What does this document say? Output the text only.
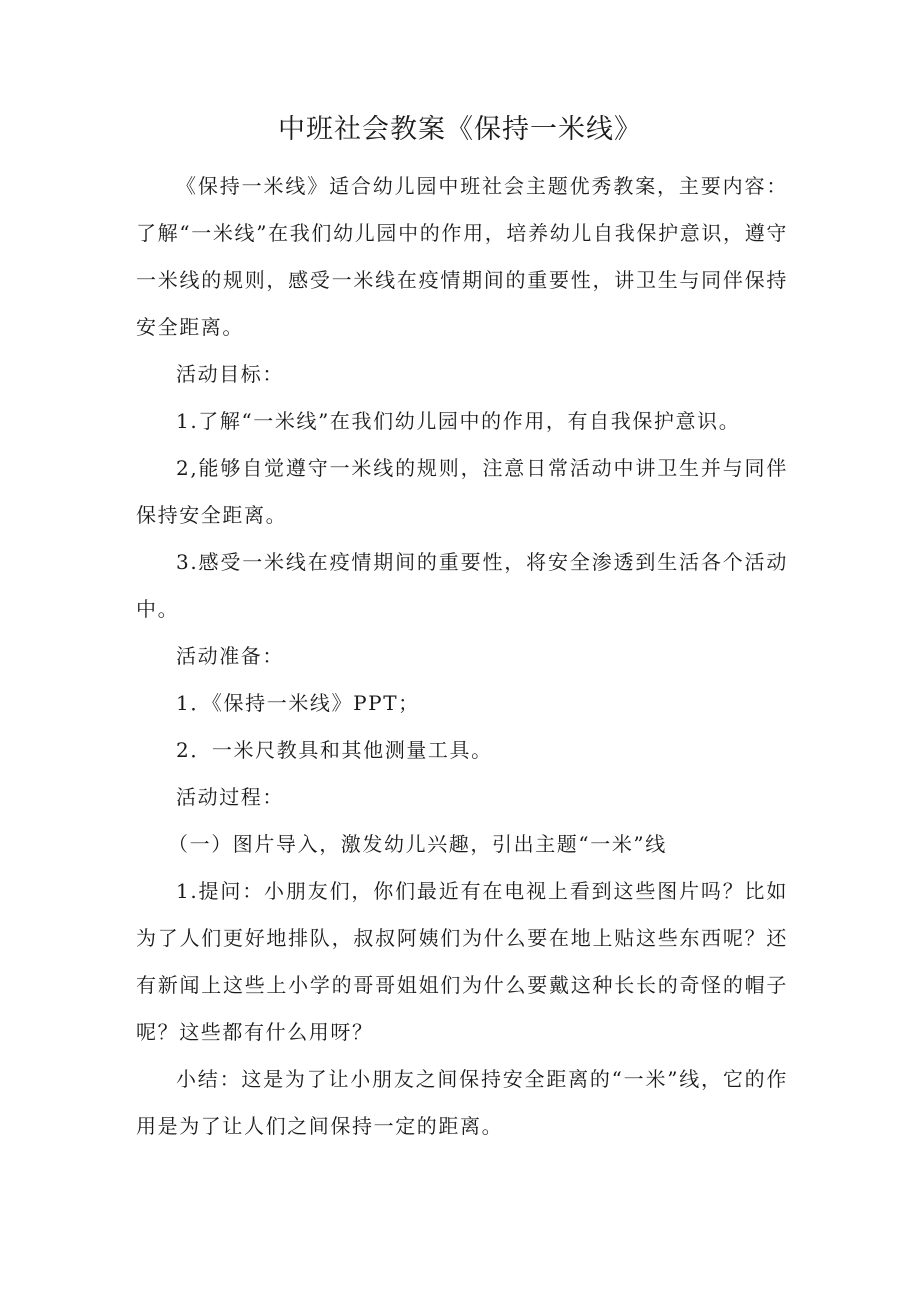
中班社会教案《保持一米线》

《保持一米线》适合幼儿园中班社会主题优秀教案，主要内容：了解“一米线”在我们幼儿园中的作用，培养幼儿自我保护意识，遵守一米线的规则，感受一米线在疫情期间的重要性，讲卫生与同伴保持安全距离。

活动目标：

1.了解“一米线”在我们幼儿园中的作用，有自我保护意识。

2,能够自觉遵守一米线的规则，注意日常活动中讲卫生并与同伴保持安全距离。

3.感受一米线在疫情期间的重要性，将安全渗透到生活各个活动中。

活动准备：

1．《保持一米线》PPT；

2．一米尺教具和其他测量工具。

活动过程：

（一）图片导入，激发幼儿兴趣，引出主题“一米”线

1.提问：小朋友们，你们最近有在电视上看到这些图片吗？比如为了人们更好地排队，叔叔阿姨们为什么要在地上贴这些东西呢？还有新闻上这些上小学的哥哥姐姐们为什么要戴这种长长的奇怪的帽子呢？这些都有什么用呀？

小结：这是为了让小朋友之间保持安全距离的“一米”线，它的作用是为了让人们之间保持一定的距离。
